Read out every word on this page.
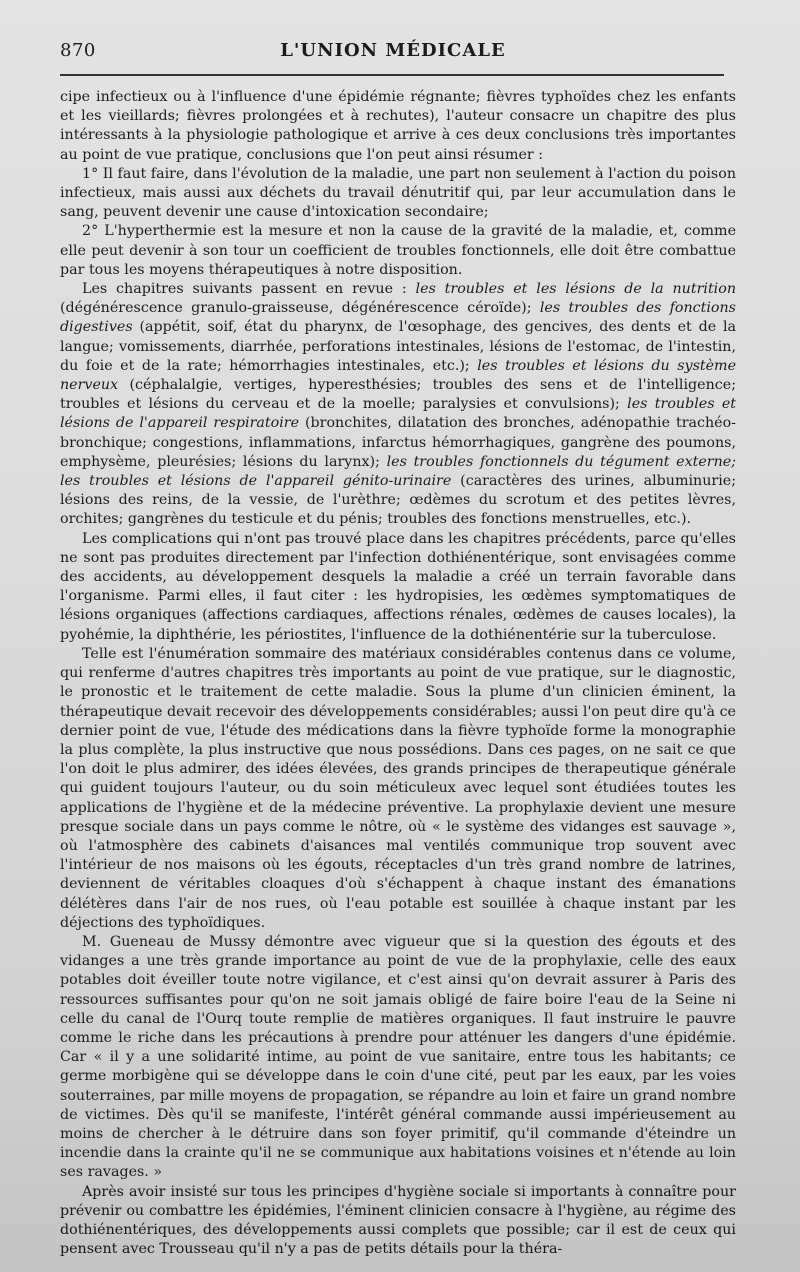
870	L'UNION MÉDICALE

cipe infectieux ou à l'influence d'une épidémie régnante; fièvres typhoïdes chez les enfants et les vieillards; fièvres prolongées et à rechutes), l'auteur consacre un chapitre des plus intéressants à la physiologie pathologique et arrive à ces deux conclusions très importantes au point de vue pratique, conclusions que l'on peut ainsi résumer :

1° Il faut faire, dans l'évolution de la maladie, une part non seulement à l'action du poison infectieux, mais aussi aux déchets du travail dénutritif qui, par leur accumulation dans le sang, peuvent devenir une cause d'intoxication secondaire;

2° L'hyperthermie est la mesure et non la cause de la gravité de la maladie, et, comme elle peut devenir à son tour un coefficient de troubles fonctionnels, elle doit être combattue par tous les moyens thérapeutiques à notre disposition.

Les chapitres suivants passent en revue : les troubles et les lésions de la nutrition (dégénérescence granulo-graisseuse, dégénérescence céroïde); les troubles des fonctions digestives (appétit, soif, état du pharynx, de l'œsophage, des gencives, des dents et de la langue; vomissements, diarrhée, perforations intestinales, lésions de l'estomac, de l'intestin, du foie et de la rate; hémorrhagies intestinales, etc.); les troubles et lésions du système nerveux (céphalalgie, vertiges, hyperesthésies; troubles des sens et de l'intelligence; troubles et lésions du cerveau et de la moelle; paralysies et convulsions); les troubles et lésions de l'appareil respiratoire (bronchites, dilatation des bronches, adénopathie trachéo-bronchique; congestions, inflammations, infarctus hémorrhagiques, gangrène des poumons, emphysème, pleurésies; lésions du larynx); les troubles fonctionnels du tégument externe; les troubles et lésions de l'appareil génito-urinaire (caractères des urines, albuminurie; lésions des reins, de la vessie, de l'urèthre; œdèmes du scrotum et des petites lèvres, orchites; gangrènes du testicule et du pénis; troubles des fonctions menstruelles, etc.).

Les complications qui n'ont pas trouvé place dans les chapitres précédents, parce qu'elles ne sont pas produites directement par l'infection dothiénentérique, sont envisagées comme des accidents, au développement desquels la maladie a créé un terrain favorable dans l'organisme. Parmi elles, il faut citer : les hydropisies, les œdèmes symptomatiques de lésions organiques (affections cardiaques, affections rénales, œdèmes de causes locales), la pyohémie, la diphthérie, les périostites, l'influence de la dothiénentérie sur la tuberculose.

Telle est l'énumération sommaire des matériaux considérables contenus dans ce volume, qui renferme d'autres chapitres très importants au point de vue pratique, sur le diagnostic, le pronostic et le traitement de cette maladie. Sous la plume d'un clinicien éminent, la thérapeutique devait recevoir des développements considérables; aussi l'on peut dire qu'à ce dernier point de vue, l'étude des médications dans la fièvre typhoïde forme la monographie la plus complète, la plus instructive que nous possédions. Dans ces pages, on ne sait ce que l'on doit le plus admirer, des idées élevées, des grands principes de therapeutique générale qui guident toujours l'auteur, ou du soin méticuleux avec lequel sont étudiées toutes les applications de l'hygiène et de la médecine préventive. La prophylaxie devient une mesure presque sociale dans un pays comme le nôtre, où « le système des vidanges est sauvage », où l'atmosphère des cabinets d'aisances mal ventilés communique trop souvent avec l'intérieur de nos maisons où les égouts, réceptacles d'un très grand nombre de latrines, deviennent de véritables cloaques d'où s'échappent à chaque instant des émanations délétères dans l'air de nos rues, où l'eau potable est souillée à chaque instant par les déjections des typhoïdiques.

M. Gueneau de Mussy démontre avec vigueur que si la question des égouts et des vidanges a une très grande importance au point de vue de la prophylaxie, celle des eaux potables doit éveiller toute notre vigilance, et c'est ainsi qu'on devrait assurer à Paris des ressources suffisantes pour qu'on ne soit jamais obligé de faire boire l'eau de la Seine ni celle du canal de l'Ourq toute remplie de matières organiques. Il faut instruire le pauvre comme le riche dans les précautions à prendre pour atténuer les dangers d'une épidémie. Car « il y a une solidarité intime, au point de vue sanitaire, entre tous les habitants; ce germe morbigène qui se développe dans le coin d'une cité, peut par les eaux, par les voies souterraines, par mille moyens de propagation, se répandre au loin et faire un grand nombre de victimes. Dès qu'il se manifeste, l'intérêt général commande aussi impérieusement au moins de chercher à le détruire dans son foyer primitif, qu'il commande d'éteindre un incendie dans la crainte qu'il ne se communique aux habitations voisines et n'étende au loin ses ravages. »

Après avoir insisté sur tous les principes d'hygiène sociale si importants à connaître pour prévenir ou combattre les épidémies, l'éminent clinicien consacre à l'hygiène, au régime des dothiénentériques, des développements aussi complets que possible; car il est de ceux qui pensent avec Trousseau qu'il n'y a pas de petits détails pour la théra-
